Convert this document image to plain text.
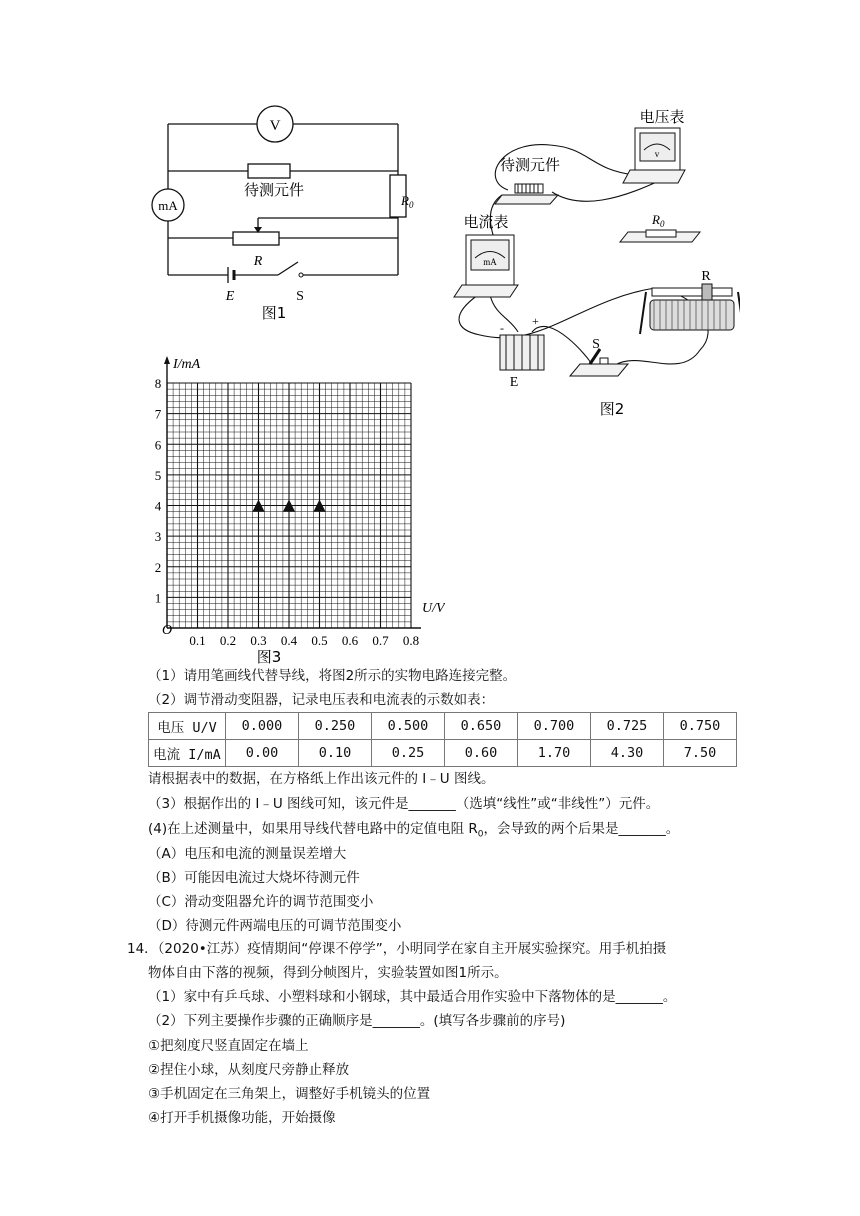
V
mA
待测元件
$R_0$
R
E	S
图1
v
电压表
待测元件
mA
电流表	$R_0$
R
- +
E
S
图2
1
2
3
4
5
6
7
8
0.1 0.2 0.3 0.4 0.5 0.6 0.7 0.8
I/mA
U/V
O
图3
（1）请用笔画线代替导线，将图2所示的实物电路连接完整。
（2）调节滑动变阻器，记录电压表和电流表的示数如表：
电压 U/V	0.000	0.250	0.500	0.650	0.700	0.725	0.750
电流 I/mA	0.00	0.10	0.25	0.60	1.70	4.30	7.50
请根据表中的数据，在方格纸上作出该元件的 I﹣U 图线。
（3）根据作出的 I﹣U 图线可知，该元件是_______（选填“线性”或“非线性”）元件。
(4)在上述测量中，如果用导线代替电路中的定值电阻 $R_0$，会导致的两个后果是_______。
（A）电压和电流的测量误差增大
（B）可能因电流过大烧坏待测元件
（C）滑动变阻器允许的调节范围变小
（D）待测元件两端电压的可调节范围变小
14．（2020•江苏）疫情期间“停课不停学”，小明同学在家自主开展实验探究。用手机拍摄
物体自由下落的视频，得到分帧图片，实验装置如图1所示。
（1）家中有乒乓球、小塑料球和小钢球，其中最适合用作实验中下落物体的是_______。
（2）下列主要操作步骤的正确顺序是_______。(填写各步骤前的序号)
①把刻度尺竖直固定在墙上
②捏住小球，从刻度尺旁静止释放
③手机固定在三角架上，调整好手机镜头的位置
④打开手机摄像功能，开始摄像
